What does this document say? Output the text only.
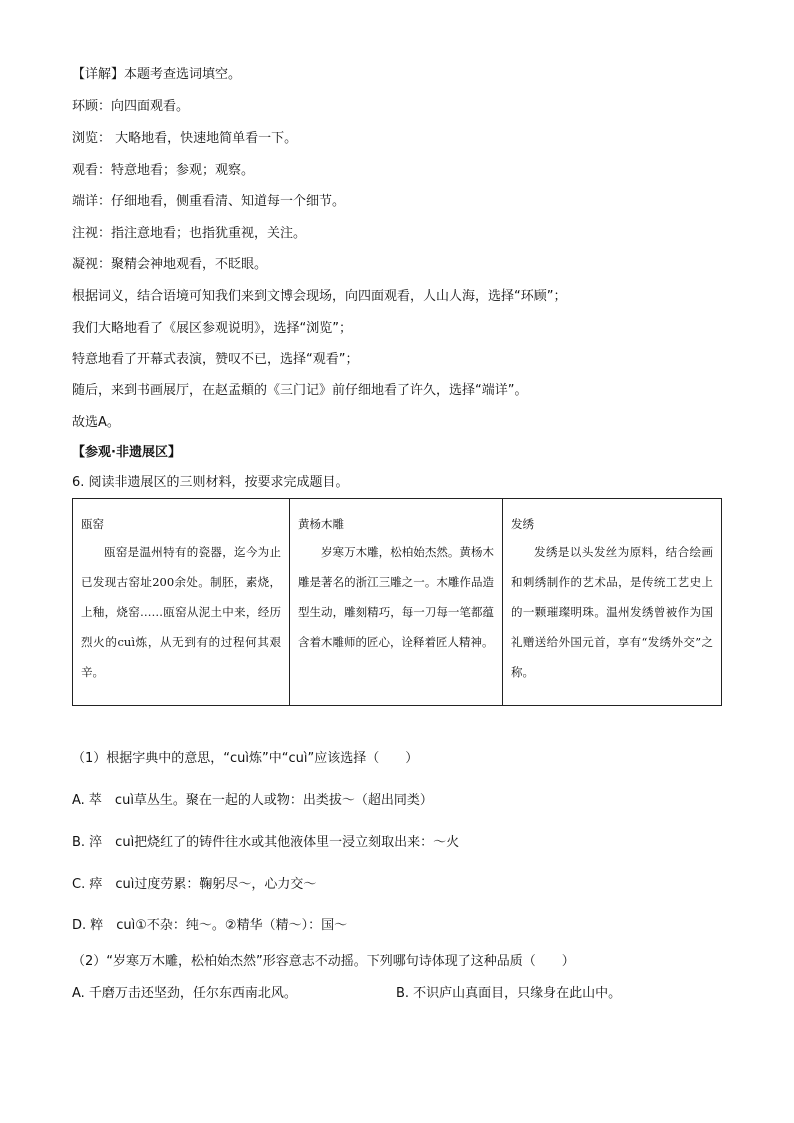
【详解】本题考查选词填空。
环顾：向四面观看。
浏览： 大略地看，快速地简单看一下。
观看：特意地看；参观；观察。
端详：仔细地看，侧重看清、知道每一个细节。
注视：指注意地看；也指犹重视，关注。
凝视：聚精会神地观看，不眨眼。
根据词义，结合语境可知我们来到文博会现场，向四面观看，人山人海，选择“环顾”；
我们大略地看了《展区参观说明》，选择“浏览”；
特意地看了开幕式表演，赞叹不已，选择“观看”；
随后，来到书画展厅，在赵孟頫的《三门记》前仔细地看了许久，选择“端详”。
故选A。
【参观·非遗展区】
6. 阅读非遗展区的三则材料，按要求完成题目。
瓯窑
瓯窑是温州特有的瓷器，迄今为止已发现古窑址200余处。制胚，素烧，上釉，烧窑……瓯窑从泥土中来，经历烈火的cuì炼，从无到有的过程何其艰辛。

黄杨木雕
岁寒万木雕，松柏始杰然。黄杨木雕是著名的浙江三雕之一。木雕作品造型生动，雕刻精巧，每一刀每一笔都蕴含着木雕师的匠心，诠释着匠人精神。

发绣
发绣是以头发丝为原料，结合绘画和刺绣制作的艺术品，是传统工艺史上的一颗璀璨明珠。温州发绣曾被作为国礼赠送给外国元首，享有“发绣外交”之称。
（1）根据字典中的意思，“cuì炼”中“cuì”应该选择（　　）
A. 萃　cuì草丛生。聚在一起的人或物：出类拔～（超出同类）
B. 淬　cuì把烧红了的铸件往水或其他液体里一浸立刻取出来：～火
C. 瘁　cuì过度劳累：鞠躬尽～，心力交～
D. 粹　cuì①不杂：纯～。②精华（精～）：国～
（2）“岁寒万木雕，松柏始杰然”形容意志不动摇。下列哪句诗体现了这种品质（　　）
A. 千磨万击还坚劲，任尔东西南北风。	B. 不识庐山真面目，只缘身在此山中。
